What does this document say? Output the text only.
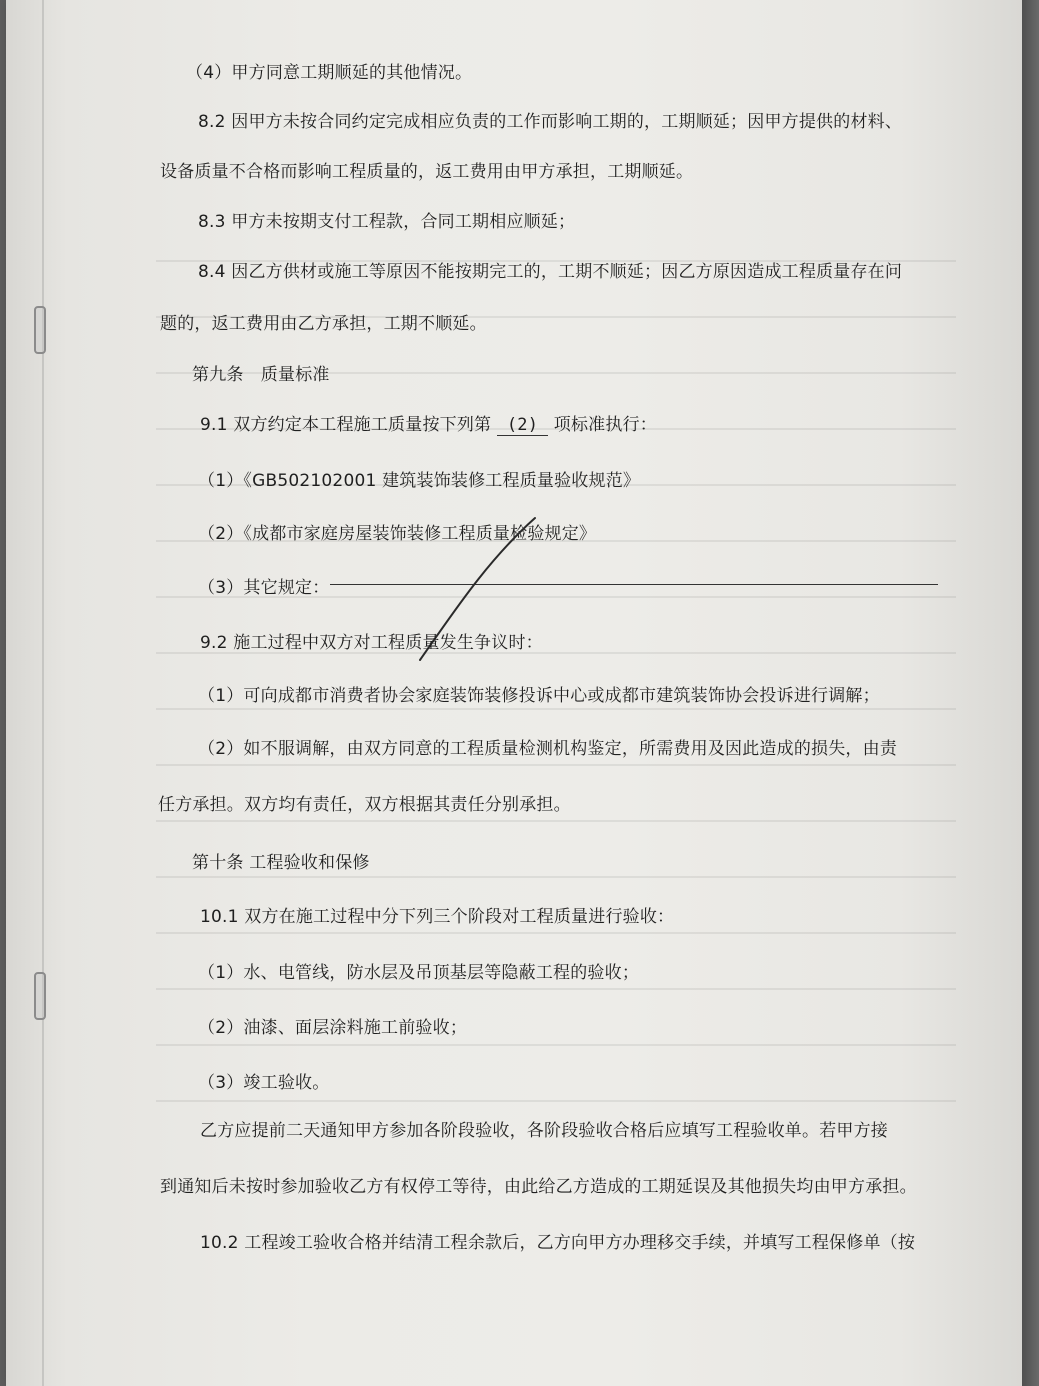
（4）甲方同意工期顺延的其他情况。
8.2 因甲方未按合同约定完成相应负责的工作而影响工期的，工期顺延；因甲方提供的材料、
设备质量不合格而影响工程质量的，返工费用由甲方承担，工期顺延。
8.3 甲方未按期支付工程款，合同工期相应顺延；
8.4 因乙方供材或施工等原因不能按期完工的，工期不顺延；因乙方原因造成工程质量存在问
题的，返工费用由乙方承担，工期不顺延。
第九条　质量标准
9.1 双方约定本工程施工质量按下列第 (2) 项标准执行：
（1）《GB502102001 建筑装饰装修工程质量验收规范》
（2）《成都市家庭房屋装饰装修工程质量检验规定》
（3）其它规定：
9.2 施工过程中双方对工程质量发生争议时：
（1）可向成都市消费者协会家庭装饰装修投诉中心或成都市建筑装饰协会投诉进行调解；
（2）如不服调解，由双方同意的工程质量检测机构鉴定，所需费用及因此造成的损失，由责
任方承担。双方均有责任，双方根据其责任分别承担。
第十条 工程验收和保修
10.1 双方在施工过程中分下列三个阶段对工程质量进行验收：
（1）水、电管线，防水层及吊顶基层等隐蔽工程的验收；
（2）油漆、面层涂料施工前验收；
（3）竣工验收。
乙方应提前二天通知甲方参加各阶段验收，各阶段验收合格后应填写工程验收单。若甲方接
到通知后未按时参加验收乙方有权停工等待，由此给乙方造成的工期延误及其他损失均由甲方承担。
10.2 工程竣工验收合格并结清工程余款后，乙方向甲方办理移交手续，并填写工程保修单（按
